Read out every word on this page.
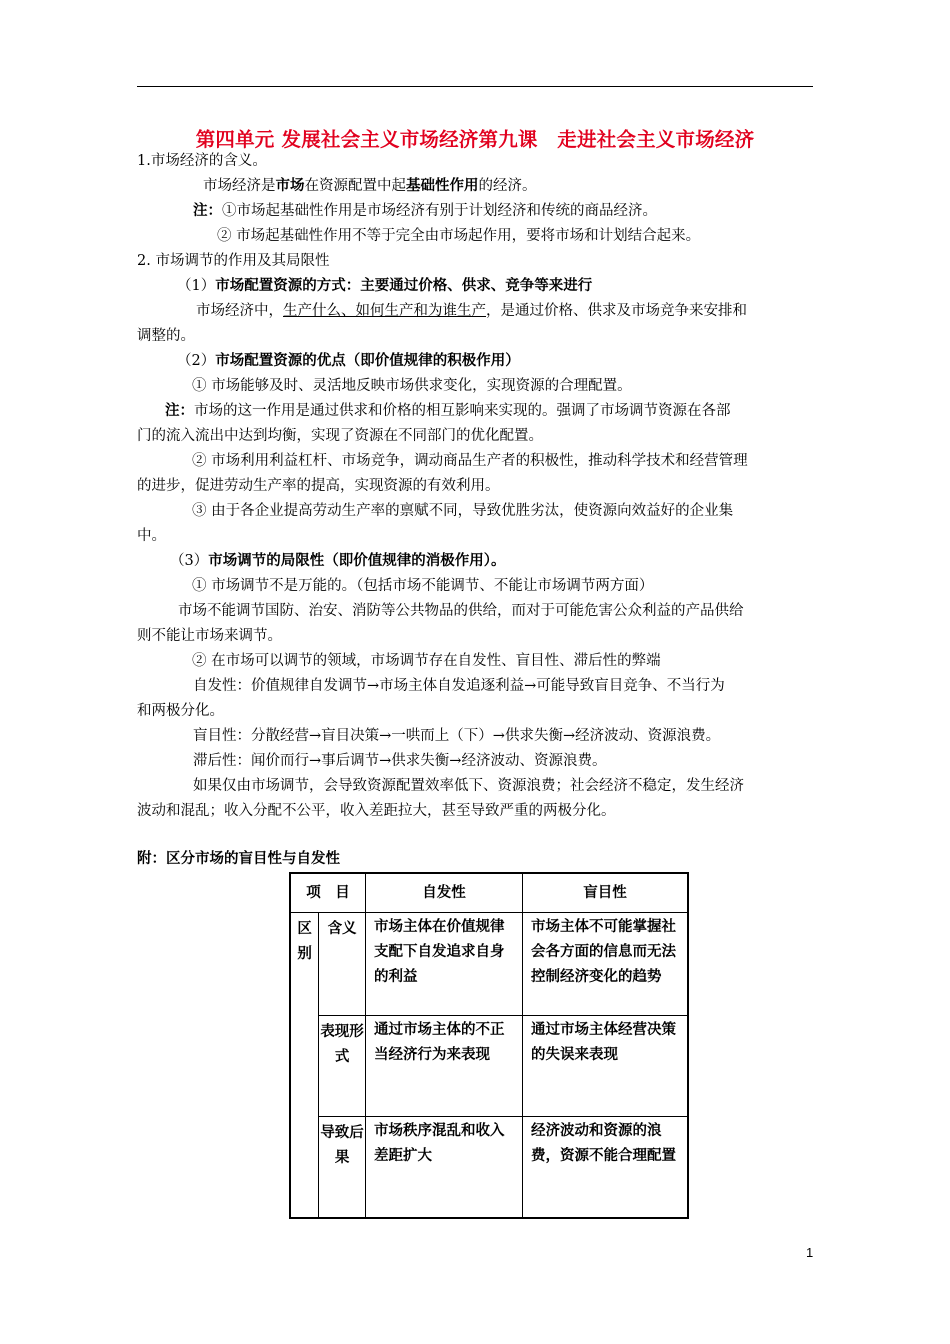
第四单元 发展社会主义市场经济第九课　走进社会主义市场经济
1.市场经济的含义。
市场经济是市场在资源配置中起基础性作用的经济。
注：①市场起基础性作用是市场经济有别于计划经济和传统的商品经济。
② 市场起基础性作用不等于完全由市场起作用，要将市场和计划结合起来。
2. 市场调节的作用及其局限性
（1）市场配置资源的方式：主要通过价格、供求、竞争等来进行
市场经济中，生产什么、如何生产和为谁生产，是通过价格、供求及市场竞争来安排和
调整的。
（2）市场配置资源的优点（即价值规律的积极作用）
① 市场能够及时、灵活地反映市场供求变化，实现资源的合理配置。
注：市场的这一作用是通过供求和价格的相互影响来实现的。强调了市场调节资源在各部
门的流入流出中达到均衡，实现了资源在不同部门的优化配置。
② 市场利用利益杠杆、市场竞争，调动商品生产者的积极性，推动科学技术和经营管理
的进步，促进劳动生产率的提高，实现资源的有效利用。
③ 由于各企业提高劳动生产率的禀赋不同，导致优胜劣汰，使资源向效益好的企业集
中。
（3）市场调节的局限性（即价值规律的消极作用）。
① 市场调节不是万能的。（包括市场不能调节、不能让市场调节两方面）
市场不能调节国防、治安、消防等公共物品的供给，而对于可能危害公众利益的产品供给
则不能让市场来调节。
② 在市场可以调节的领域，市场调节存在自发性、盲目性、滞后性的弊端
自发性：价值规律自发调节→市场主体自发追逐利益→可能导致盲目竞争、不当行为
和两极分化。
盲目性：分散经营→盲目决策→一哄而上（下）→供求失衡→经济波动、资源浪费。
滞后性：闻价而行→事后调节→供求失衡→经济波动、资源浪费。
如果仅由市场调节，会导致资源配置效率低下、资源浪费；社会经济不稳定，发生经济
波动和混乱；收入分配不公平，收入差距拉大，甚至导致严重的两极分化。
附：区分市场的盲目性与自发性
项　目		自发性	盲目性
区别	含义	市场主体在价值规律支配下自发追求自身的利益	市场主体不可能掌握社会各方面的信息而无法控制经济变化的趋势
	表现形式	通过市场主体的不正当经济行为来表现	通过市场主体经营决策的失误来表现
	导致后果	市场秩序混乱和收入差距扩大	经济波动和资源的浪费，资源不能合理配置
1
